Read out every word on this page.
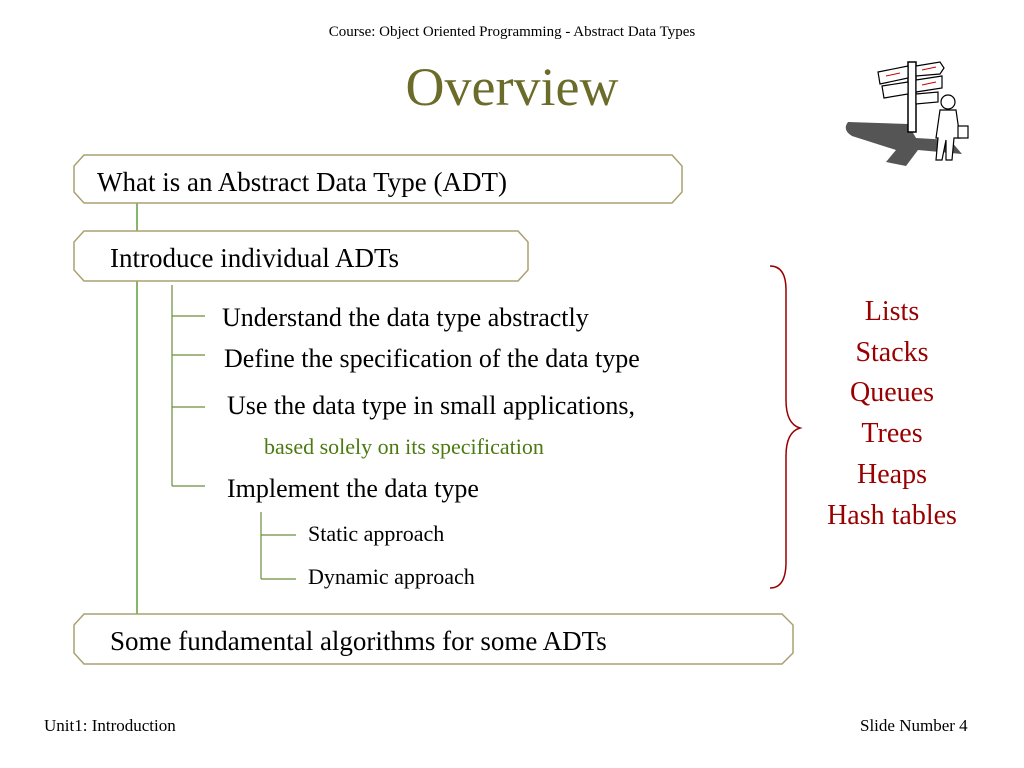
Course: Object Oriented Programming - Abstract Data Types
Overview
What is an Abstract Data Type (ADT)
Introduce individual ADTs
Understand the data type abstractly
Define the specification of the data type
Use the data type in small applications,
based solely on its specification
Implement the data type
Static approach
Dynamic approach
Some fundamental algorithms for some ADTs
Lists
Stacks
Queues
Trees
Heaps
Hash tables
Unit1: Introduction	Slide Number 4
